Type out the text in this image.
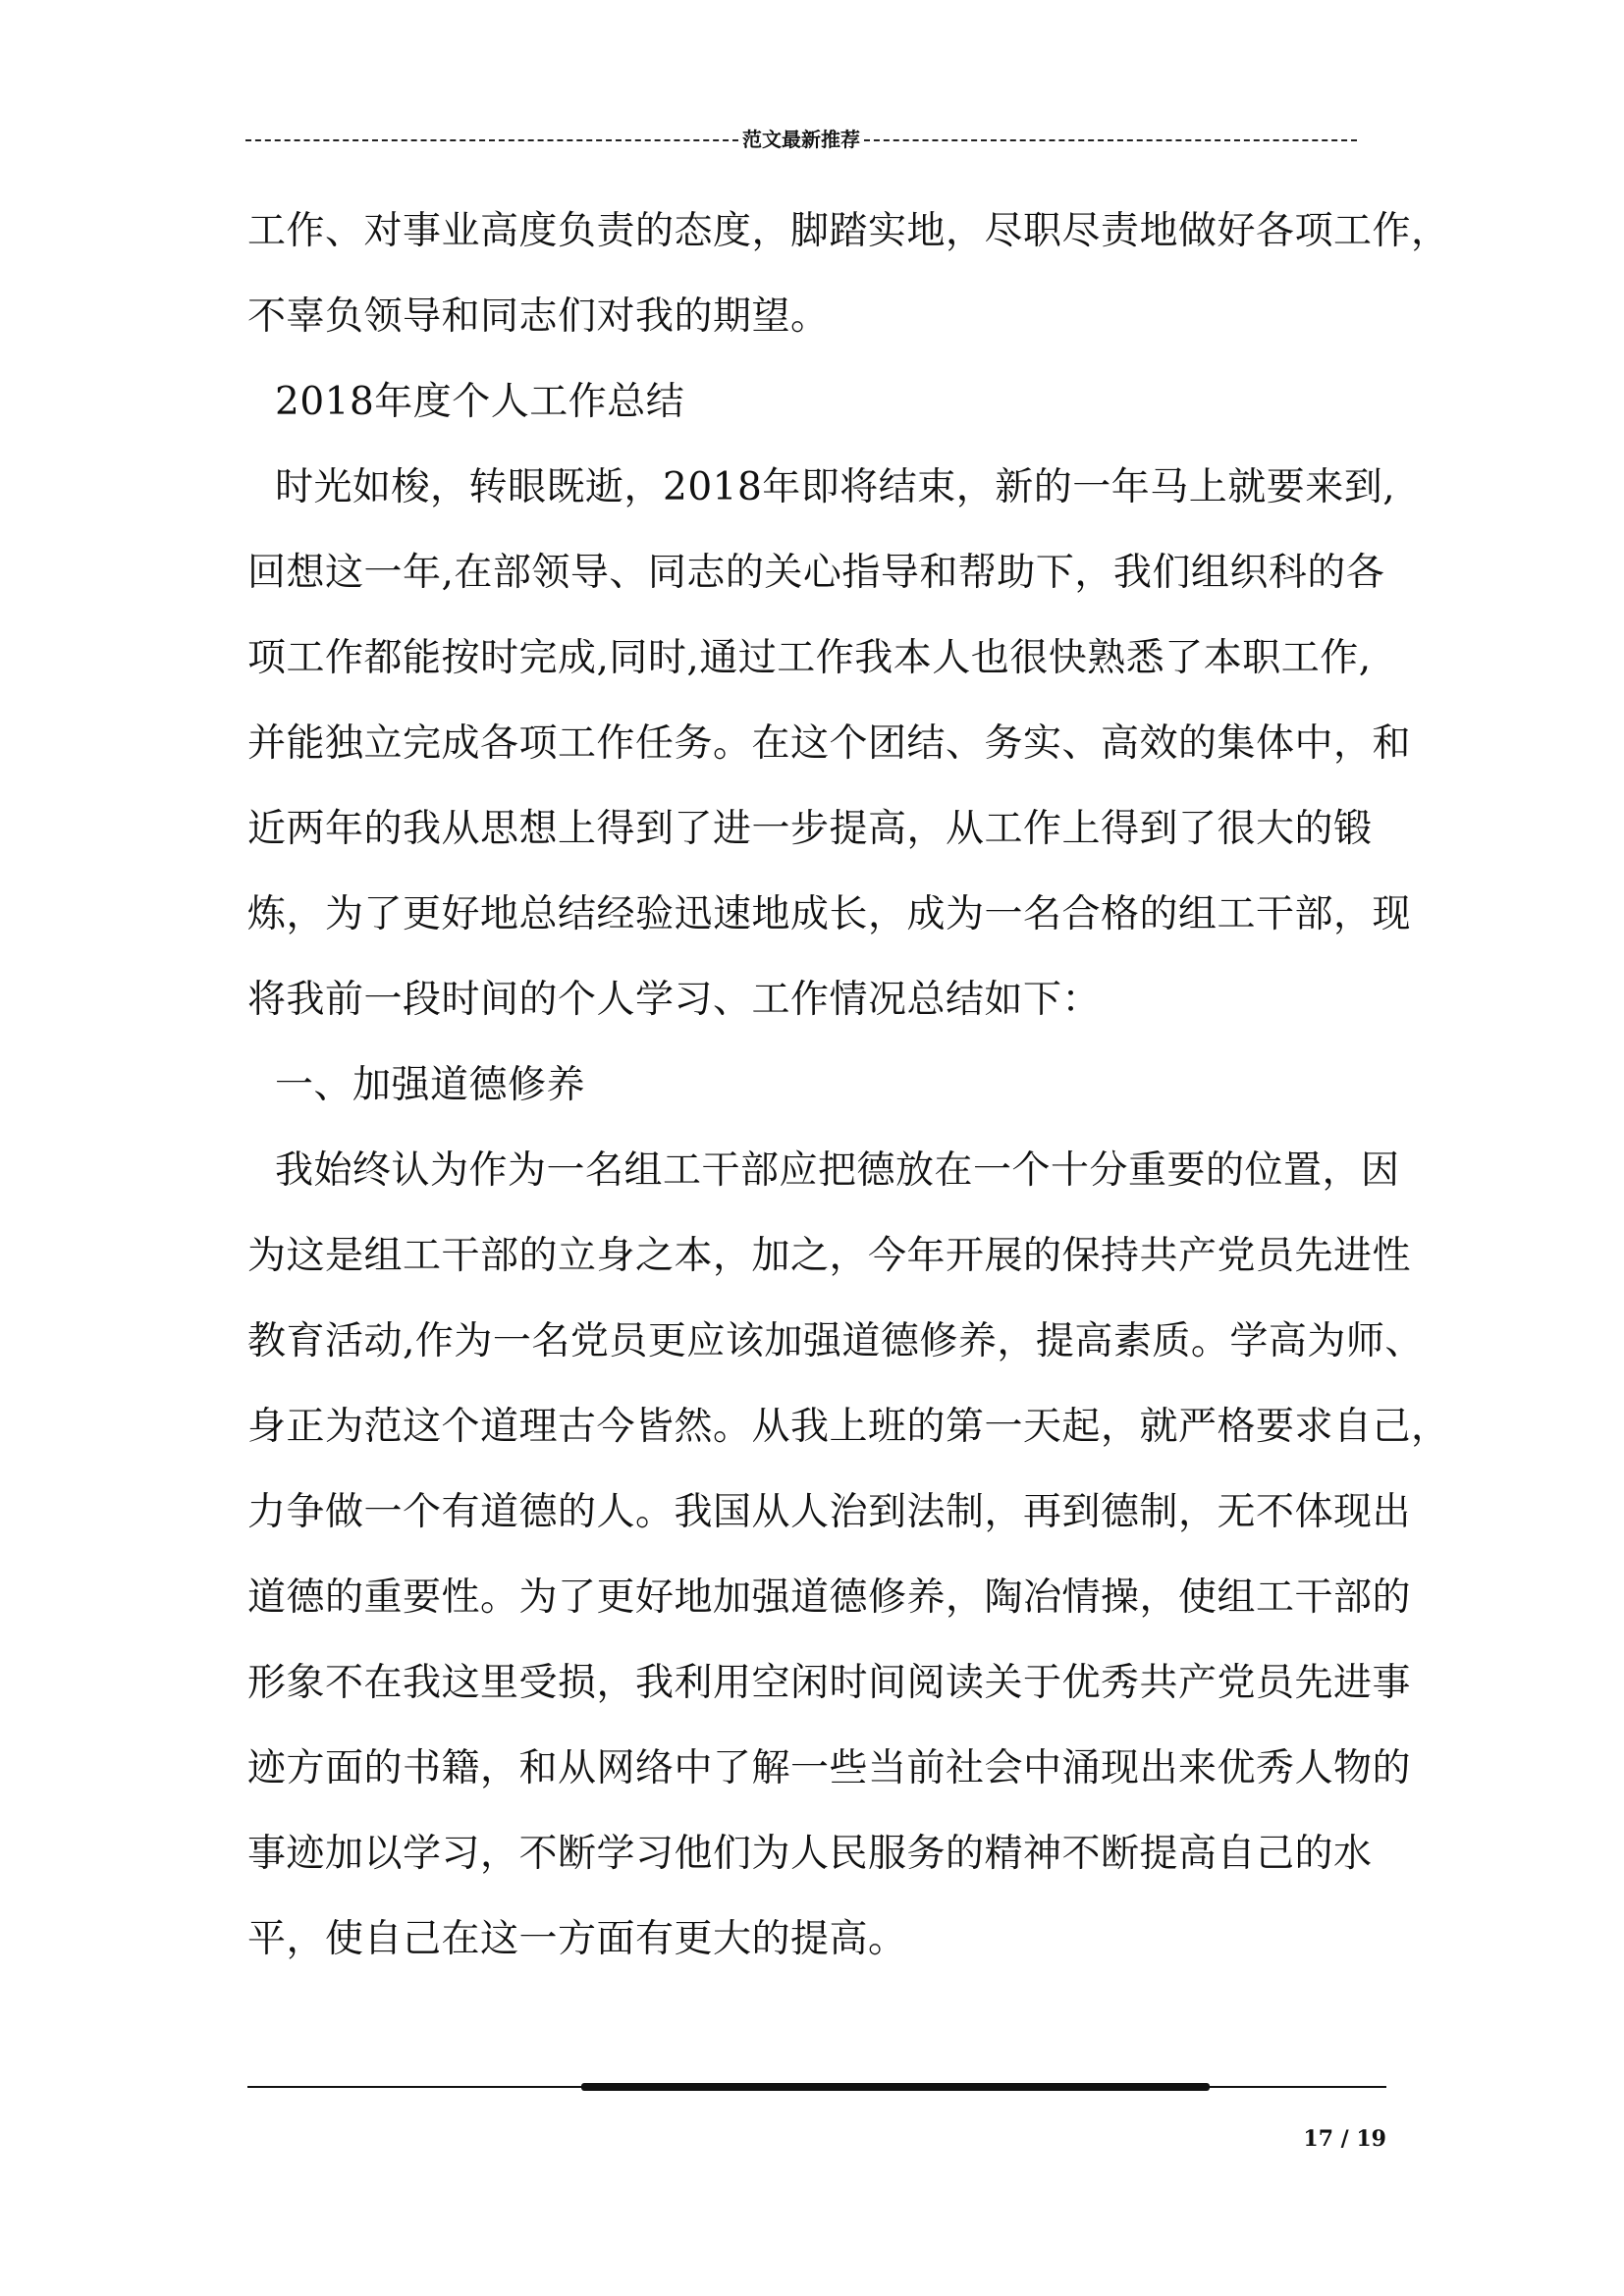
范文最新推荐
工作、对事业高度负责的态度，脚踏实地，尽职尽责地做好各项工作，
不辜负领导和同志们对我的期望。
2018年度个人工作总结
时光如梭，转眼既逝，2018年即将结束，新的一年马上就要来到,
回想这一年,在部领导、同志的关心指导和帮助下，我们组织科的各
项工作都能按时完成,同时,通过工作我本人也很快熟悉了本职工作,
并能独立完成各项工作任务。在这个团结、务实、高效的集体中，和
近两年的我从思想上得到了进一步提高，从工作上得到了很大的锻
炼，为了更好地总结经验迅速地成长，成为一名合格的组工干部，现
将我前一段时间的个人学习、工作情况总结如下：
一、加强道德修养
我始终认为作为一名组工干部应把德放在一个十分重要的位置，因
为这是组工干部的立身之本，加之，今年开展的保持共产党员先进性
教育活动,作为一名党员更应该加强道德修养，提高素质。学高为师、
身正为范这个道理古今皆然。从我上班的第一天起，就严格要求自己，
力争做一个有道德的人。我国从人治到法制，再到德制，无不体现出
道德的重要性。为了更好地加强道德修养，陶冶情操，使组工干部的
形象不在我这里受损，我利用空闲时间阅读关于优秀共产党员先进事
迹方面的书籍，和从网络中了解一些当前社会中涌现出来优秀人物的
事迹加以学习，不断学习他们为人民服务的精神不断提高自己的水
平，使自己在这一方面有更大的提高。
17 / 19
